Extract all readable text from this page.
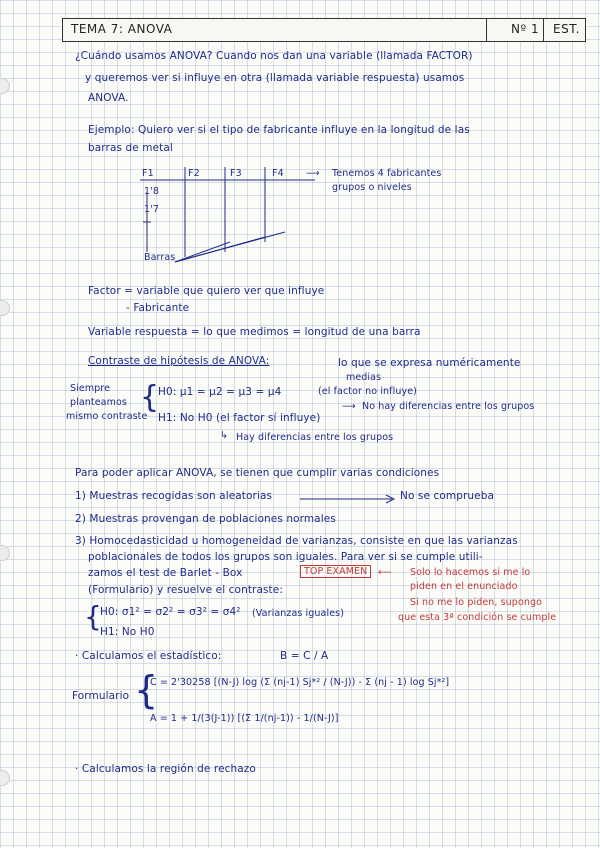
TEMA 7: ANOVA	Nº 1 EST.
¿Cuándo usamos ANOVA? Cuando nos dan una variable (llamada FACTOR)
y queremos ver si influye en otra (llamada variable respuesta) usamos
ANOVA.
Ejemplo: Quiero ver si el tipo de fabricante influye en la longitud de las
barras de metal
F1	F2	F3	F4
1'8
1'7
Barras
⟶ Tenemos 4 fabricantes
grupos o niveles
Factor = variable que quiero ver que influye
- Fabricante
Variable respuesta = lo que medimos = longitud de una barra
Contraste de hipótesis de ANOVA:	lo que se expresa numéricamente
medias
Siempre
planteamos
mismo contraste
{
H0: μ1 = μ2 = μ3 = μ4	(el factor no influye)
⟶ No hay diferencias entre los grupos
H1: No H0 (el factor sí influye)
↳ Hay diferencias entre los grupos
Para poder aplicar ANOVA, se tienen que cumplir varias condiciones
1) Muestras recogidas son aleatorias	No se comprueba
2) Muestras provengan de poblaciones normales
3) Homocedasticidad u homogeneidad de varianzas, consiste en que las varianzas
poblacionales de todos los grupos son iguales. Para ver si se cumple utili-
zamos el test de Barlet - Box	TOP EXAMEN
(Formulario) y resuelve el contraste:
⟵ Solo lo hacemos si me lo
piden en el enunciado
Si no me lo piden, supongo
que esta 3ª condición se cumple
{
H0: σ1² = σ2² = σ3² = σ4² (Varianzas iguales)
H1: No H0
· Calculamos el estadístico:	B = C / A
Formulario {
C = 2'30258 [(N-J) log (Σ (nj-1) Sj*² / (N-J)) - Σ (nj - 1) log Sj*²]
A = 1 + 1/(3(J-1)) [(Σ 1/(nj-1)) - 1/(N-J)]
· Calculamos la región de rechazo
